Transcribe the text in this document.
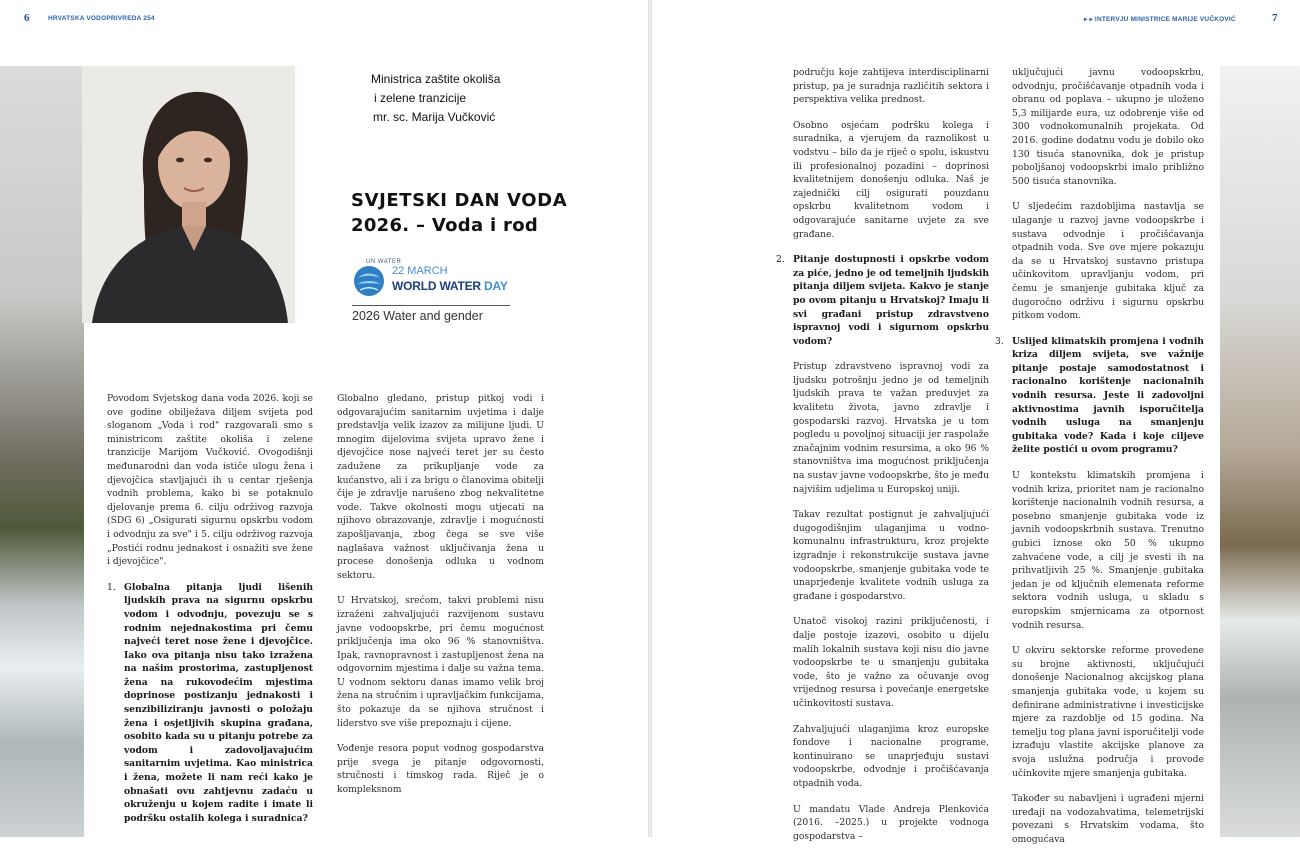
6	HRVATSKA VODOPRIVREDA 254
Ministrica zaštite okoliša
i zelene tranzicije
mr. sc. Marija Vučković
SVJETSKI DAN VODA
2026. – Voda i rod
UN WATER
22 MARCH
WORLD WATER DAY
2026 Water and gender

Povodom Svjetskog dana voda 2026. koji se ove godine obilježava diljem svijeta pod sloganom „Voda i rod" razgovarali smo s ministricom zaštite okoliša i zelene tranzicije Marijom Vučković. Ovogodišnji međunarodni dan voda ističe ulogu žena i djevojčica stavljajući ih u centar rješenja vodnih problema, kako bi se potaknulo djelovanje prema 6. cilju održivog razvoja (SDG 6) „Osigurati sigurnu opskrbu vodom i odvodnju za sve" i 5. cilju održivog razvoja „Postići rodnu jednakost i osnažiti sve žene i djevojčice".

1. Globalna pitanja ljudi lišenih ljudskih prava na sigurnu opskrbu vodom i odvodnju, povezuju se s rodnim nejednakostima pri čemu najveći teret nose žene i djevojčice. Iako ova pitanja nisu tako izražena na našim prostorima, zastupljenost žena na rukovodećim mjestima doprinose postizanju jednakosti i senzibiliziranju javnosti o položaju žena i osjetljivih skupina građana, osobito kada su u pitanju potrebe za vodom i zadovoljavajućim sanitarnim uvjetima. Kao ministrica i žena, možete li nam reći kako je obnašati ovu zahtjevnu zadaću u okruženju u kojem radite i imate li podršku ostalih kolega i suradnica?

Globalno gledano, pristup pitkoj vodi i odgovarajućim sanitarnim uvjetima i dalje predstavlja velik izazov za milijune ljudi. U mnogim dijelovima svijeta upravo žene i djevojčice nose najveći teret jer su često zadužene za prikupljanje vode za kućanstvo, ali i za brigu o članovima obitelji čije je zdravlje narušeno zbog nekvalitetne vode. Takve okolnosti mogu utjecati na njihovo obrazovanje, zdravlje i mogućnosti zapošljavanja, zbog čega se sve više naglašava važnost uključivanja žena u procese donošenja odluka u vodnom sektoru.

U Hrvatskoj, srećom, takvi problemi nisu izraženi zahvaljujući razvijenom sustavu javne vodoopskrbe, pri čemu mogućnost priključenja ima oko 96 % stanovništva. Ipak, ravnopravnost i zastupljenost žena na odgovornim mjestima i dalje su važna tema. U vodnom sektoru danas imamo velik broj žena na stručnim i upravljačkim funkcijama, što pokazuje da se njihova stručnost i liderstvo sve više prepoznaju i cijene.

Vođenje resora poput vodnog gospodarstva prije svega je pitanje odgovornosti, stručnosti i timskog rada. Riječ je o kompleksnom

▸ ▸ INTERVJU MINISTRICE MARIJE VUČKOVIĆ	7

području koje zahtijeva interdisciplinarni pristup, pa je suradnja različitih sektora i perspektiva velika prednost.

Osobno osjećam podršku kolega i suradnika, a vjerujem da raznolikost u vodstvu – bilo da je riječ o spolu, iskustvu ili profesionalnoj pozadini – doprinosi kvalitetnijem donošenju odluka. Naš je zajednički cilj osigurati pouzdanu opskrbu kvalitetnom vodom i odgovarajuće sanitarne uvjete za sve građane.

2. Pitanje dostupnosti i opskrbe vodom za piće, jedno je od temeljnih ljudskih pitanja diljem svijeta. Kakvo je stanje po ovom pitanju u Hrvatskoj? Imaju li svi građani pristup zdravstveno ispravnoj vodi i sigurnom opskrbu vodom?

Pristup zdravstveno ispravnoj vodi za ljudsku potrošnju jedno je od temeljnih ljudskih prava te važan preduvjet za kvalitetu života, javno zdravlje i gospodarski razvoj. Hrvatska je u tom pogledu u povoljnoj situaciji jer raspolaže značajnim vodnim resursima, a oko 96 % stanovništva ima mogućnost priključenja na sustav javne vodoopskrbe, što je među najvišim udjelima u Europskoj uniji.

Takav rezultat postignut je zahvaljujući dugogodišnjim ulaganjima u vodno-komunalnu infrastrukturu, kroz projekte izgradnje i rekonstrukcije sustava javne vodoopskrbe, smanjenje gubitaka vode te unaprjeđenje kvalitete vodnih usluga za građane i gospodarstvo.

Unatoč visokoj razini priključenosti, i dalje postoje izazovi, osobito u dijelu malih lokalnih sustava koji nisu dio javne vodoopskrbe te u smanjenju gubitaka vode, što je važno za očuvanje ovog vrijednog resursa i povećanje energetske učinkovitosti sustava.

Zahvaljujući ulaganjima kroz europske fondove i nacionalne programe, kontinuirano se unaprjeđuju sustavi vodoopskrbe, odvodnje i pročišćavanja otpadnih voda.

U mandatu Vlade Andreja Plenkovića (2016. –2025.) u projekte vodnoga gospodarstva –

uključujući javnu vodoopskrbu, odvodnju, pročišćavanje otpadnih voda i obranu od poplava – ukupno je uloženo 5,3 milijarde eura, uz odobrenje više od 300 vodnokomunalnih projekata. Od 2016. godine dodatnu vodu je dobilo oko 130 tisuća stanovnika, dok je pristup poboljšanoj vodoopskrbi imalo približno 500 tisuća stanovnika.

U sljedećim razdobljima nastavlja se ulaganje u razvoj javne vodoopskrbe i sustava odvodnje i pročišćavanja otpadnih voda. Sve ove mjere pokazuju da se u Hrvatskoj sustavno pristupa učinkovitom upravljanju vodom, pri čemu je smanjenje gubitaka ključ za dugoročno održivu i sigurnu opskrbu pitkom vodom.

3. Uslijed klimatskih promjena i vodnih kriza diljem svijeta, sve važnije pitanje postaje samodostatnost i racionalno korištenje nacionalnih vodnih resursa. Jeste li zadovoljni aktivnostima javnih isporučitelja vodnih usluga na smanjenju gubitaka vode? Kada i koje ciljeve želite postići u ovom programu?

U kontekstu klimatskih promjena i vodnih kriza, prioritet nam je racionalno korištenje nacionalnih vodnih resursa, a posebno smanjenje gubitaka vode iz javnih vodoopskrbnih sustava. Trenutno gubici iznose oko 50 % ukupno zahvaćene vode, a cilj je svesti ih na prihvatljivih 25 %. Smanjenje gubitaka jedan je od ključnih elemenata reforme sektora vodnih usluga, u skladu s europskim smjernicama za otpornost vodnih resursa.

U okviru sektorske reforme provedene su brojne aktivnosti, uključujući donošenje Nacionalnog akcijskog plana smanjenja gubitaka vode, u kojem su definirane administrativne i investicijske mjere za razdoblje od 15 godina. Na temelju tog plana javni isporučitelji vode izrađuju vlastite akcijske planove za svoja uslužna područja i provode učinkovite mjere smanjenja gubitaka.

Također su nabavljeni i ugrađeni mjerni uređaji na vodozahvatima, telemetrijski povezani s Hrvatskim vodama, što omogućava
